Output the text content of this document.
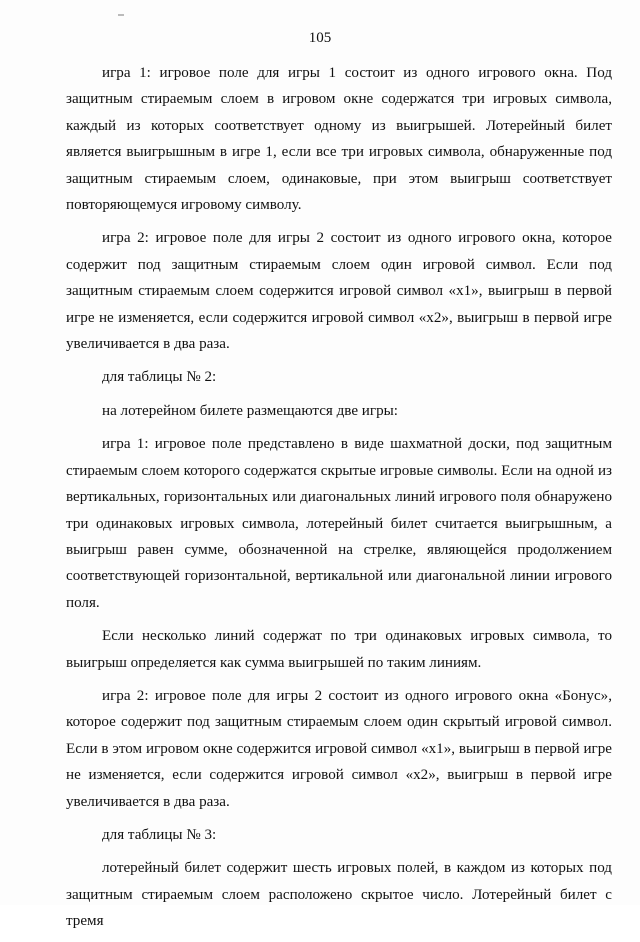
105

игра 1: игровое поле для игры 1 состоит из одного игрового окна. Под защитным стираемым слоем в игровом окне содержатся три игровых символа, каждый из которых соответствует одному из выигрышей. Лотерейный билет является выигрышным в игре 1, если все три игровых символа, обнаруженные под защитным стираемым слоем, одинаковые, при этом выигрыш соответствует повторяющемуся игровому символу.

игра 2: игровое поле для игры 2 состоит из одного игрового окна, которое содержит под защитным стираемым слоем один игровой символ. Если под защитным стираемым слоем содержится игровой символ «x1», выигрыш в первой игре не изменяется, если содержится игровой символ «x2», выигрыш в первой игре увеличивается в два раза.

для таблицы № 2:

на лотерейном билете размещаются две игры:

игра 1: игровое поле представлено в виде шахматной доски, под защитным стираемым слоем которого содержатся скрытые игровые символы. Если на одной из вертикальных, горизонтальных или диагональных линий игрового поля обнаружено три одинаковых игровых символа, лотерейный билет считается выигрышным, а выигрыш равен сумме, обозначенной на стрелке, являющейся продолжением соответствующей горизонтальной, вертикальной или диагональной линии игрового поля.

Если несколько линий содержат по три одинаковых игровых символа, то выигрыш определяется как сумма выигрышей по таким линиям.

игра 2: игровое поле для игры 2 состоит из одного игрового окна «Бонус», которое содержит под защитным стираемым слоем один скрытый игровой символ. Если в этом игровом окне содержится игровой символ «x1», выигрыш в первой игре не изменяется, если содержится игровой символ «x2», выигрыш в первой игре увеличивается в два раза.

для таблицы № 3:

лотерейный билет содержит шесть игровых полей, в каждом из которых под защитным стираемым слоем расположено скрытое число. Лотерейный билет с тремя
